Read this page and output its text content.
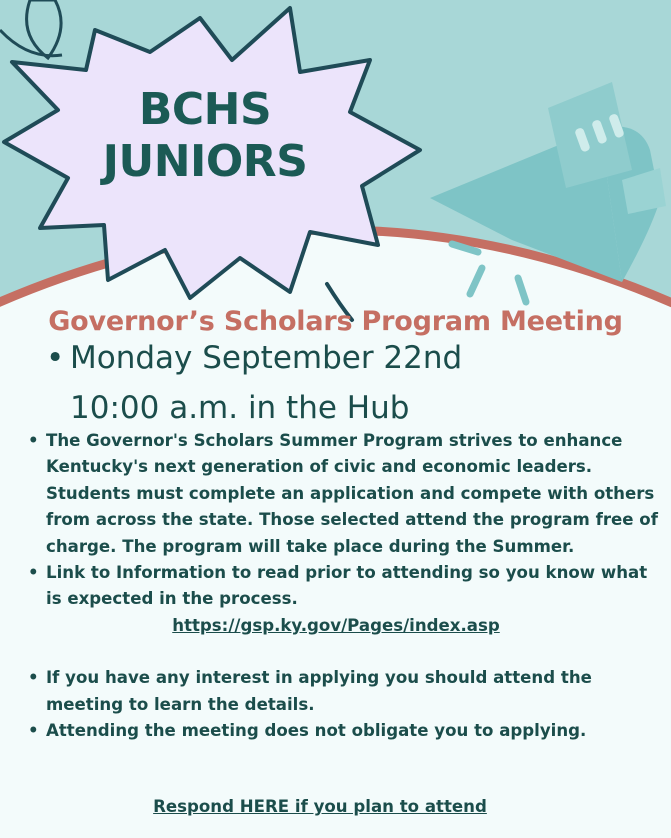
BCHS
JUNIORS
Governor’s Scholars Program Meeting
• Monday September 22nd
10:00 a.m. in the Hub
• The Governor's Scholars Summer Program strives to enhance Kentucky's next generation of civic and economic leaders. Students must complete an application and compete with others from across the state. Those selected attend the program free of charge. The program will take place during the Summer.
• Link to Information to read prior to attending so you know what is expected in the process.
https://gsp.ky.gov/Pages/index.asp
• If you have any interest in applying you should attend the meeting to learn the details.
• Attending the meeting does not obligate you to applying.
Respond HERE if you plan to attend
